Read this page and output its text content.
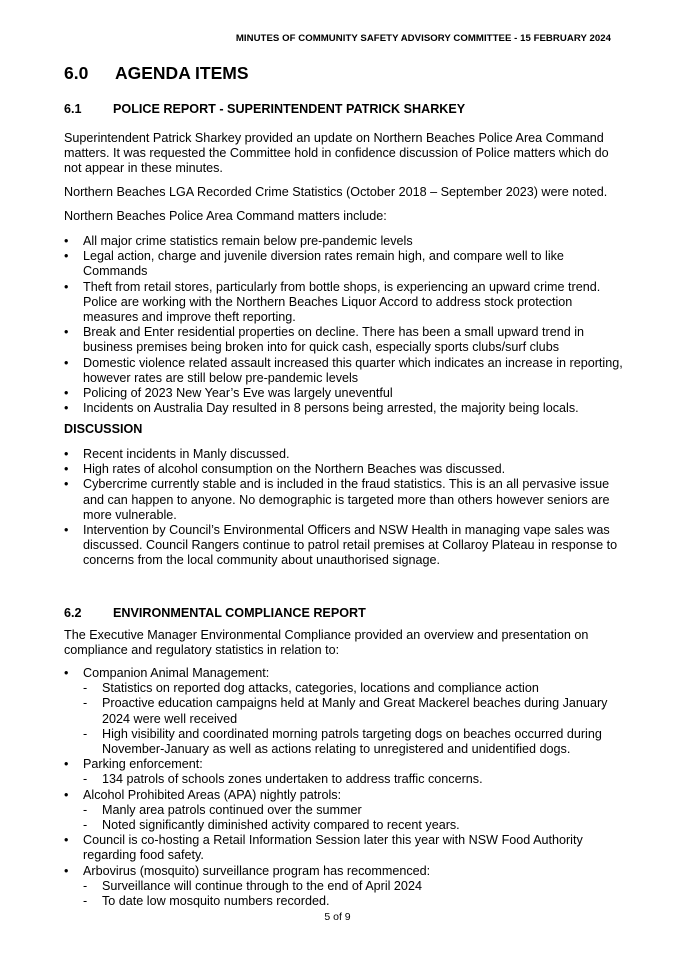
MINUTES OF COMMUNITY SAFETY ADVISORY COMMITTEE - 15 FEBRUARY 2024
6.0 AGENDA ITEMS
6.1 POLICE REPORT - SUPERINTENDENT PATRICK SHARKEY
Superintendent Patrick Sharkey provided an update on Northern Beaches Police Area Command matters. It was requested the Committee hold in confidence discussion of Police matters which do not appear in these minutes.
Northern Beaches LGA Recorded Crime Statistics (October 2018 – September 2023) were noted.
Northern Beaches Police Area Command matters include:
• All major crime statistics remain below pre-pandemic levels
• Legal action, charge and juvenile diversion rates remain high, and compare well to like Commands
• Theft from retail stores, particularly from bottle shops, is experiencing an upward crime trend. Police are working with the Northern Beaches Liquor Accord to address stock protection measures and improve theft reporting.
• Break and Enter residential properties on decline. There has been a small upward trend in business premises being broken into for quick cash, especially sports clubs/surf clubs
• Domestic violence related assault increased this quarter which indicates an increase in reporting, however rates are still below pre-pandemic levels
• Policing of 2023 New Year’s Eve was largely uneventful
• Incidents on Australia Day resulted in 8 persons being arrested, the majority being locals.
DISCUSSION
• Recent incidents in Manly discussed.
• High rates of alcohol consumption on the Northern Beaches was discussed.
• Cybercrime currently stable and is included in the fraud statistics. This is an all pervasive issue and can happen to anyone. No demographic is targeted more than others however seniors are more vulnerable.
• Intervention by Council’s Environmental Officers and NSW Health in managing vape sales was discussed. Council Rangers continue to patrol retail premises at Collaroy Plateau in response to concerns from the local community about unauthorised signage.
6.2 ENVIRONMENTAL COMPLIANCE REPORT
The Executive Manager Environmental Compliance provided an overview and presentation on compliance and regulatory statistics in relation to:
• Companion Animal Management:
- Statistics on reported dog attacks, categories, locations and compliance action
- Proactive education campaigns held at Manly and Great Mackerel beaches during January 2024 were well received
- High visibility and coordinated morning patrols targeting dogs on beaches occurred during November-January as well as actions relating to unregistered and unidentified dogs.
• Parking enforcement:
- 134 patrols of schools zones undertaken to address traffic concerns.
• Alcohol Prohibited Areas (APA) nightly patrols:
- Manly area patrols continued over the summer
- Noted significantly diminished activity compared to recent years.
• Council is co-hosting a Retail Information Session later this year with NSW Food Authority regarding food safety.
• Arbovirus (mosquito) surveillance program has recommenced:
- Surveillance will continue through to the end of April 2024
- To date low mosquito numbers recorded.
5 of 9
